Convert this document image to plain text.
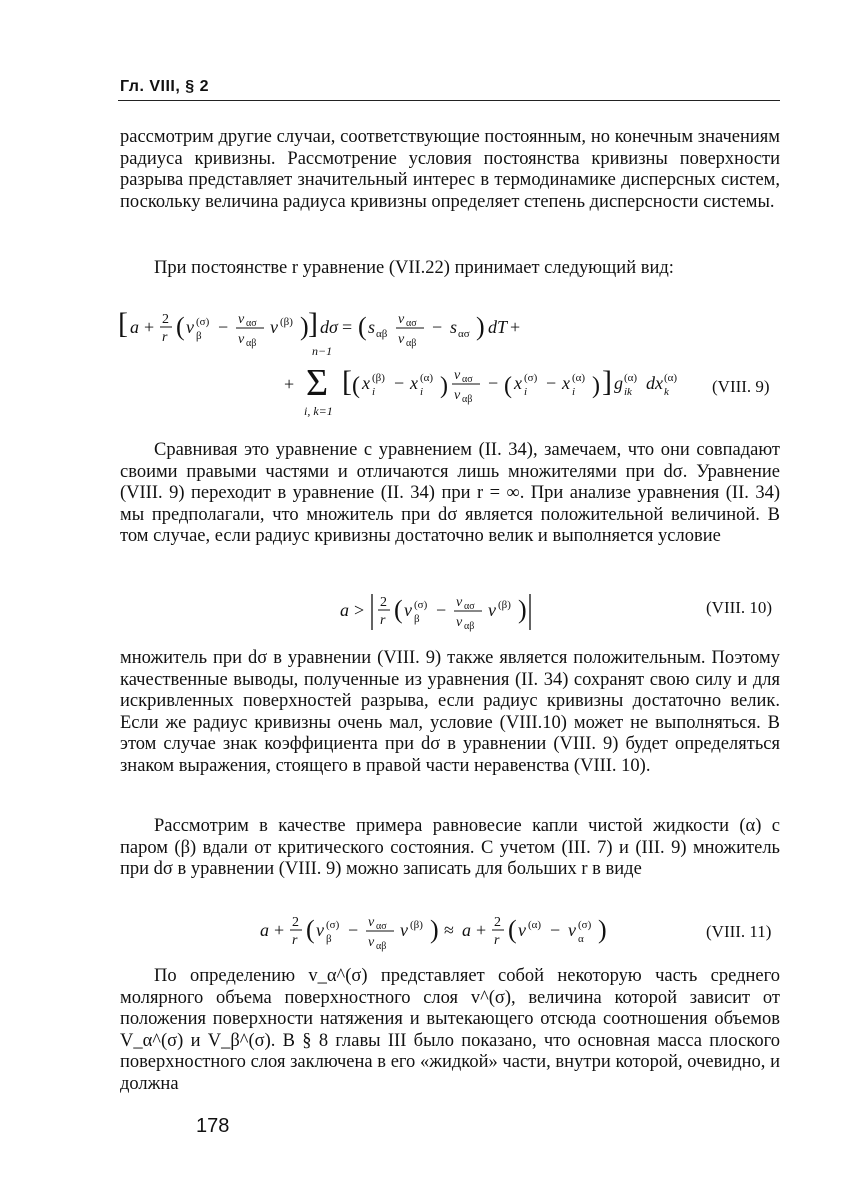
Гл. VIII, § 2

рассмотрим другие случаи, соответствующие постоянным, но конечным значениям радиуса кривизны. Рассмотрение условия постоянства кривизны поверхности разрыва представляет значительный интерес в термодинамике дисперсных систем, поскольку величина радиуса кривизны определяет степень дисперсности системы.

При постоянстве r уравнение (VII.22) принимает следующий вид:

[ a + 2
r ( v (σ)
β − v ασ
v αβ
v (β) ) ] dσ = ( s αβ
v ασ
v αβ
− s ασ ) dT +
n−1
+ Σ
i, k=1
[ ( x (β)
i − x (α)
i ) v ασ
v αβ
− ( x (σ)
i − x (α)
i ) ] g (α)
ik dx (α)
k	(VIII. 9)

Сравнивая это уравнение с уравнением (II. 34), замечаем, что они совпадают своими правыми частями и отличаются лишь множителями при dσ. Уравнение (VIII. 9) переходит в уравнение (II. 34) при r = ∞. При анализе уравнения (II. 34) мы предполагали, что множитель при dσ является положительной величиной. В том случае, если радиус кривизны достаточно велик и выполняется условие

a > 2
r ( v (σ)
β − v ασ
v αβ
v (β) )	(VIII. 10)

множитель при dσ в уравнении (VIII. 9) также является положительным. Поэтому качественные выводы, полученные из уравнения (II. 34) сохранят свою силу и для искривленных поверхностей разрыва, если радиус кривизны достаточно велик. Если же радиус кривизны очень мал, условие (VIII.10) может не выполняться. В этом случае знак коэффициента при dσ в уравнении (VIII. 9) будет определяться знаком выражения, стоящего в правой части неравенства (VIII. 10).

Рассмотрим в качестве примера равновесие капли чистой жидкости (α) с паром (β) вдали от критического состояния. С учетом (III. 7) и (III. 9) множитель при dσ в уравнении (VIII. 9) можно записать для больших r в виде

a + 2
r ( v (σ)
β − v ασ
v αβ
v (β) ) ≈ a + 2
r ( v (α) − v (σ)
α )	(VIII. 11)

По определению v_α^(σ) представляет собой некоторую часть среднего молярного объема поверхностного слоя v^(σ), величина которой зависит от положения поверхности натяжения и вытекающего отсюда соотношения объемов V_α^(σ) и V_β^(σ). В § 8 главы III было показано, что основная масса плоского поверхностного слоя заключена в его «жидкой» части, внутри которой, очевидно, и должна

178
